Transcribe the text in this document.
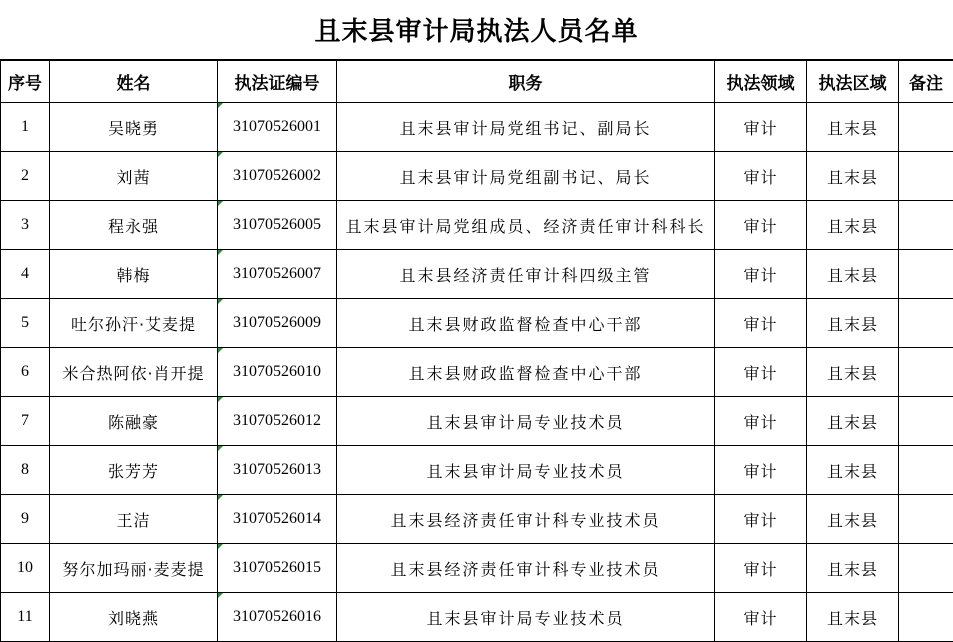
且末县审计局执法人员名单
序号	姓名	执法证编号	职务	执法领域	执法区域	备注
1	吴晓勇	31070526001	且末县审计局党组书记、副局长	审计	且末县	
2	刘茜	31070526002	且末县审计局党组副书记、局长	审计	且末县	
3	程永强	31070526005	且末县审计局党组成员、经济责任审计科科长	审计	且末县	
4	韩梅	31070526007	且末县经济责任审计科四级主管	审计	且末县	
5	吐尔孙汗·艾麦提	31070526009	且末县财政监督检查中心干部	审计	且末县	
6	米合热阿依·肖开提	31070526010	且末县财政监督检查中心干部	审计	且末县	
7	陈融豪	31070526012	且末县审计局专业技术员	审计	且末县	
8	张芳芳	31070526013	且末县审计局专业技术员	审计	且末县	
9	王洁	31070526014	且末县经济责任审计科专业技术员	审计	且末县	
10	努尔加玛丽·麦麦提	31070526015	且末县经济责任审计科专业技术员	审计	且末县	
11	刘晓燕	31070526016	且末县审计局专业技术员	审计	且末县	
